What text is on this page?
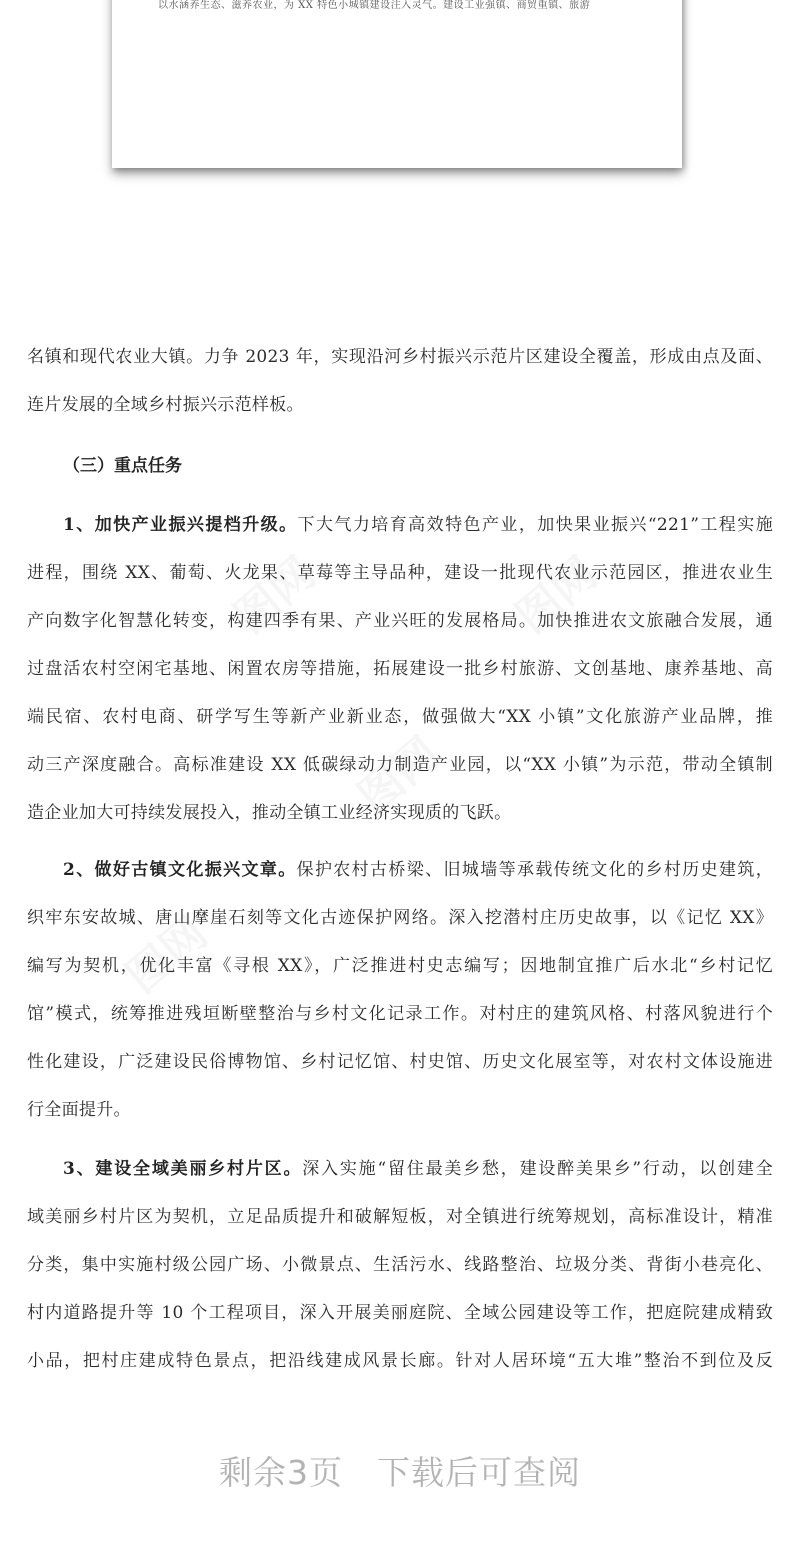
以水涵养生态、滋养农业，为 XX 特色小城镇建设注入灵气。建设工业强镇、商贸重镇、旅游
图网	图网
图网
图网
名镇和现代农业大镇。力争 2023 年，实现沿河乡村振兴示范片区建设全覆盖，形成由点及面、
连片发展的全域乡村振兴示范样板。
（三）重点任务
1、加快产业振兴提档升级。下大气力培育高效特色产业，加快果业振兴“221”工程实施
进程，围绕 XX、葡萄、火龙果、草莓等主导品种，建设一批现代农业示范园区，推进农业生
产向数字化智慧化转变，构建四季有果、产业兴旺的发展格局。加快推进农文旅融合发展，通
过盘活农村空闲宅基地、闲置农房等措施，拓展建设一批乡村旅游、文创基地、康养基地、高
端民宿、农村电商、研学写生等新产业新业态，做强做大“XX 小镇”文化旅游产业品牌，推
动三产深度融合。高标准建设 XX 低碳绿动力制造产业园，以“XX 小镇”为示范，带动全镇制
造企业加大可持续发展投入，推动全镇工业经济实现质的飞跃。
2、做好古镇文化振兴文章。保护农村古桥梁、旧城墙等承载传统文化的乡村历史建筑，
织牢东安故城、唐山摩崖石刻等文化古迹保护网络。深入挖潜村庄历史故事，以《记忆 XX》
编写为契机，优化丰富《寻根 XX》，广泛推进村史志编写；因地制宜推广后水北“乡村记忆
馆”模式，统筹推进残垣断壁整治与乡村文化记录工作。对村庄的建筑风格、村落风貌进行个
性化建设，广泛建设民俗博物馆、乡村记忆馆、村史馆、历史文化展室等，对农村文体设施进
行全面提升。
3、建设全域美丽乡村片区。深入实施“留住最美乡愁，建设醉美果乡”行动，以创建全
域美丽乡村片区为契机，立足品质提升和破解短板，对全镇进行统筹规划，高标准设计，精准
分类，集中实施村级公园广场、小微景点、生活污水、线路整治、垃圾分类、背街小巷亮化、
村内道路提升等 10 个工程项目，深入开展美丽庭院、全域公园建设等工作，把庭院建成精致
小品，把村庄建成特色景点，把沿线建成风景长廊。针对人居环境“五大堆”整治不到位及反
剩余3页 下载后可查阅
